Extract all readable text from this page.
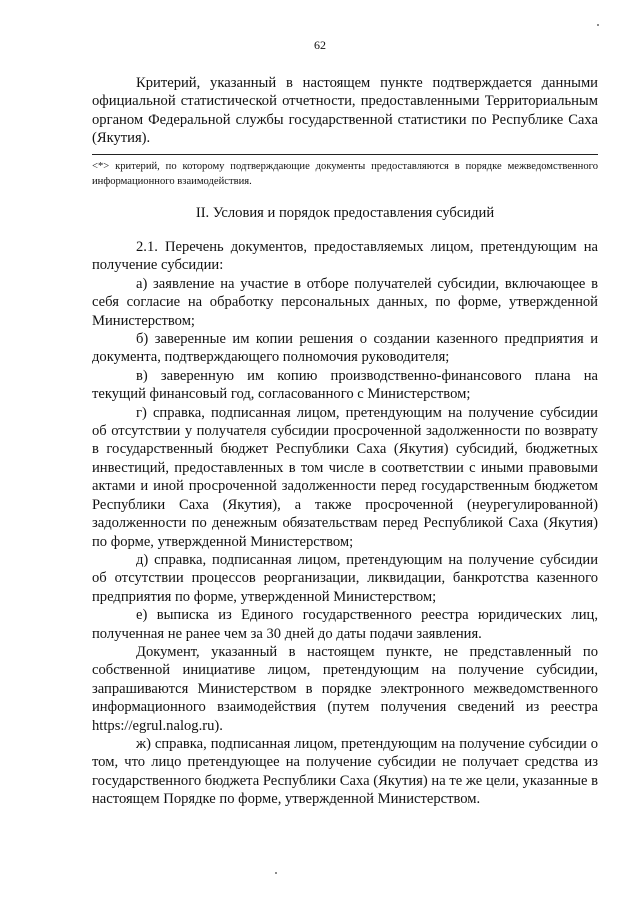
62

Критерий, указанный в настоящем пункте подтверждается данными официальной статистической отчетности, предоставленными Территориальным органом Федеральной службы государственной статистики по Республике Саха (Якутия).

<*> критерий, по которому подтверждающие документы предоставляются в порядке межведомственного информационного взаимодействия.

II. Условия и порядок предоставления субсидий

2.1. Перечень документов, предоставляемых лицом, претендующим на получение субсидии:

а) заявление на участие в отборе получателей субсидии, включающее в себя согласие на обработку персональных данных, по форме, утвержденной Министерством;

б) заверенные им копии решения о создании казенного предприятия и документа, подтверждающего полномочия руководителя;

в) заверенную им копию производственно-финансового плана на текущий финансовый год, согласованного с Министерством;

г) справка, подписанная лицом, претендующим на получение субсидии об отсутствии у получателя субсидии просроченной задолженности по возврату в государственный бюджет Республики Саха (Якутия) субсидий, бюджетных инвестиций, предоставленных в том числе в соответствии с иными правовыми актами и иной просроченной задолженности перед государственным бюджетом Республики Саха (Якутия), а также просроченной (неурегулированной) задолженности по денежным обязательствам перед Республикой Саха (Якутия) по форме, утвержденной Министерством;

д) справка, подписанная лицом, претендующим на получение субсидии об отсутствии процессов реорганизации, ликвидации, банкротства казенного предприятия по форме, утвержденной Министерством;

е) выписка из Единого государственного реестра юридических лиц, полученная не ранее чем за 30 дней до даты подачи заявления.

Документ, указанный в настоящем пункте, не представленный по собственной инициативе лицом, претендующим на получение субсидии, запрашиваются Министерством в порядке электронного межведомственного информационного взаимодействия (путем получения сведений из реестра https://egrul.nalog.ru).

ж) справка, подписанная лицом, претендующим на получение субсидии о том, что лицо претендующее на получение субсидии не получает средства из государственного бюджета Республики Саха (Якутия) на те же цели, указанные в настоящем Порядке по форме, утвержденной Министерством.
